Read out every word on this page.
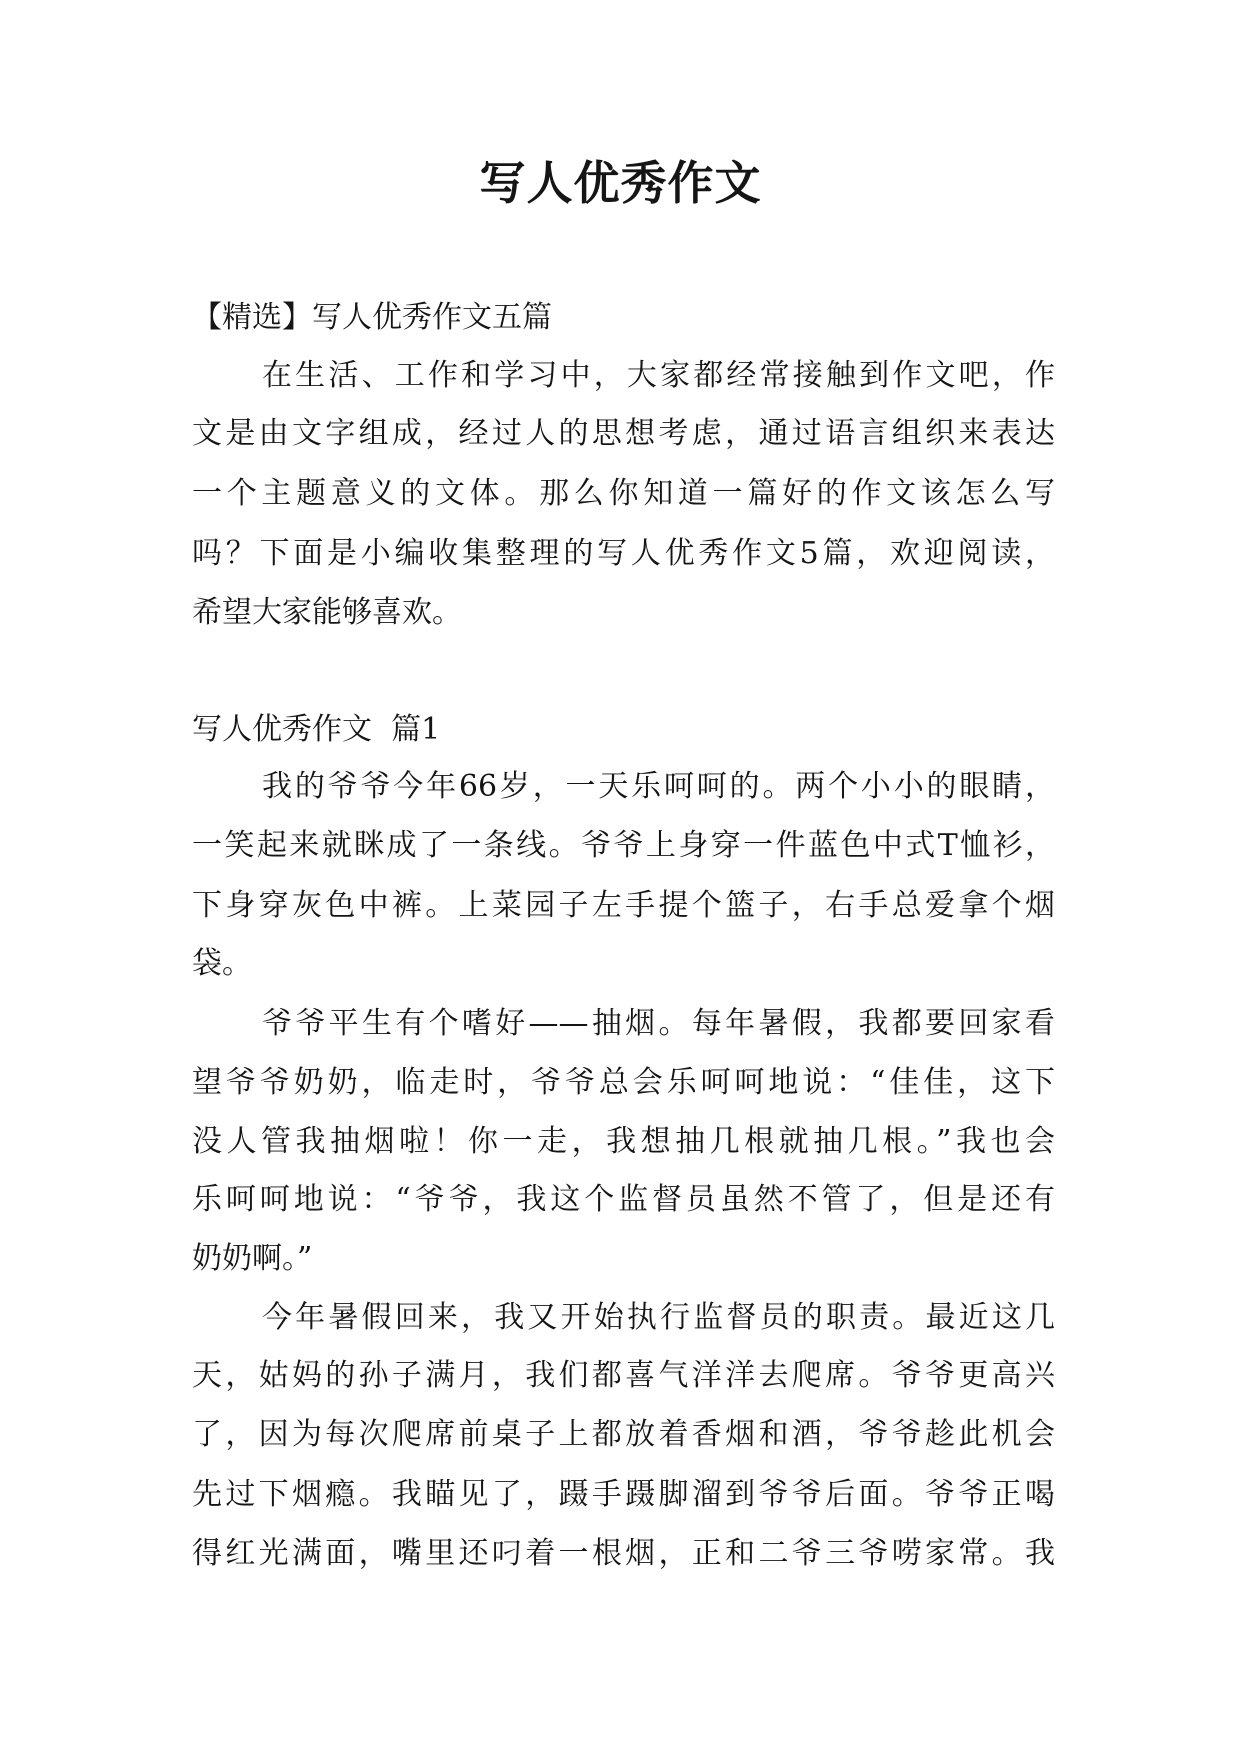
写人优秀作文
【精选】写人优秀作文五篇
在生活、工作和学习中，大家都经常接触到作文吧，作
文是由文字组成，经过人的思想考虑，通过语言组织来表达
一个主题意义的文体。那么你知道一篇好的作文该怎么写
吗？下面是小编收集整理的写人优秀作文5篇，欢迎阅读，
希望大家能够喜欢。
写人优秀作文  篇1
我的爷爷今年66岁，一天乐呵呵的。两个小小的眼睛，
一笑起来就眯成了一条线。爷爷上身穿一件蓝色中式T恤衫，
下身穿灰色中裤。上菜园子左手提个篮子，右手总爱拿个烟
袋。
爷爷平生有个嗜好——抽烟。每年暑假，我都要回家看
望爷爷奶奶，临走时，爷爷总会乐呵呵地说：“佳佳，这下
没人管我抽烟啦！你一走，我想抽几根就抽几根。”我也会
乐呵呵地说：“爷爷，我这个监督员虽然不管了，但是还有
奶奶啊。”
今年暑假回来，我又开始执行监督员的职责。最近这几
天，姑妈的孙子满月，我们都喜气洋洋去爬席。爷爷更高兴
了，因为每次爬席前桌子上都放着香烟和酒，爷爷趁此机会
先过下烟瘾。我瞄见了，蹑手蹑脚溜到爷爷后面。爷爷正喝
得红光满面，嘴里还叼着一根烟，正和二爷三爷唠家常。我
